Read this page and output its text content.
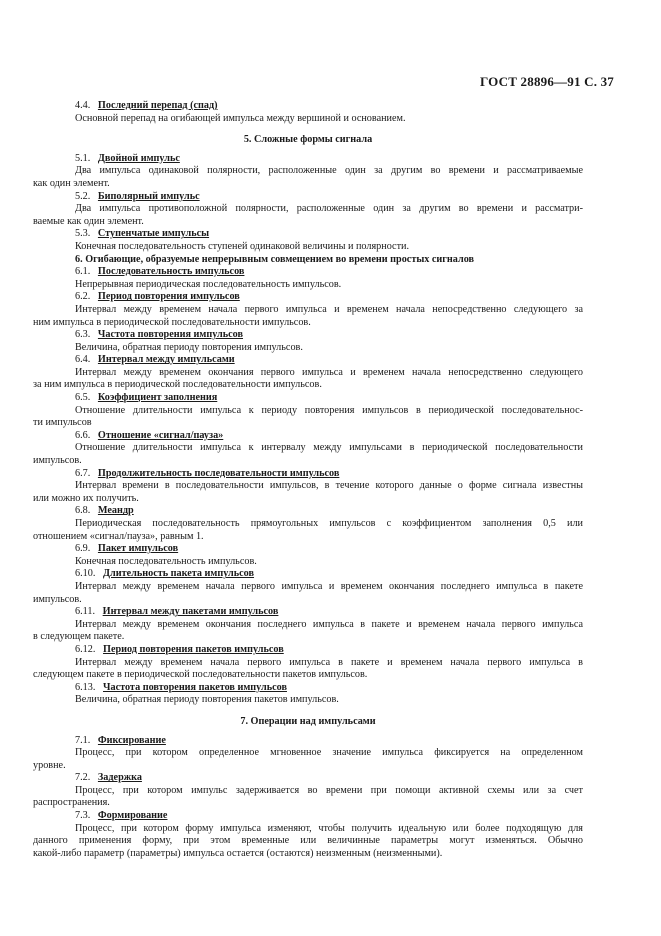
ГОСТ 28896—91 С. 37
4.4.   Последний перепад (спад)
Основной перепад на огибающей импульса между вершиной и основанием.
5. Сложные формы сигнала
5.1.   Двойной импульс
Два импульса одинаковой полярности, расположенные один за другим во времени и рассматриваемые
как один элемент.
5.2.   Биполярный импульс
Два импульса противоположной полярности, расположенные один за другим во времени и рассматри-
ваемые как один элемент.
5.3.   Ступенчатые импульсы
Конечная последовательность ступеней одинаковой величины и полярности.
6. Огибающие, образуемые непрерывным совмещением во времени простых сигналов
6.1.   Последовательность импульсов
Непрерывная периодическая последовательность импульсов.
6.2.   Период повторения импульсов
Интервал между временем начала первого импульса и временем начала непосредственно следующего за
ним импульса в периодической последовательности импульсов.
6.3.   Частота повторения импульсов
Величина, обратная периоду повторения импульсов.
6.4.   Интервал между импульсами
Интервал между временем окончания первого импульса и временем начала непосредственно следующего
за ним импульса в периодической последовательности импульсов.
6.5.   Коэффициент заполнения
Отношение длительности импульса к периоду повторения импульсов в периодической последовательнос-
ти импульсов
6.6.   Отношение «сигнал/пауза»
Отношение длительности импульса к интервалу между импульсами в периодической последовательности
импульсов.
6.7.   Продолжительность последовательности импульсов
Интервал времени в последовательности импульсов, в течение которого данные о форме сигнала известны
или можно их получить.
6.8.   Меандр
Периодическая последовательность прямоугольных импульсов с коэффициентом заполнения 0,5 или
отношением «сигнал/пауза», равным 1.
6.9.   Пакет импульсов
Конечная последовательность импульсов.
6.10.   Длительность пакета импульсов
Интервал между временем начала первого импульса и временем окончания последнего импульса в пакете
импульсов.
6.11.   Интервал между пакетами импульсов
Интервал между временем окончания последнего импульса в пакете и временем начала первого импульса
в следующем пакете.
6.12.   Период повторения пакетов импульсов
Интервал между временем начала первого импульса в пакете и временем начала первого импульса в
следующем пакете в периодической последовательности пакетов импульсов.
6.13.   Частота повторения пакетов импульсов
Величина, обратная периоду повторения пакетов импульсов.
7. Операции над импульсами
7.1.   Фиксирование
Процесс, при котором определенное мгновенное значение импульса фиксируется на определенном
уровне.
7.2.   Задержка
Процесс, при котором импульс задерживается во времени при помощи активной схемы или за счет
распространения.
7.3.   Формирование
Процесс, при котором форму импульса изменяют, чтобы получить идеальную или более подходящую для
данного применения форму, при этом временные или величинные параметры могут изменяться. Обычно
какой-либо параметр (параметры) импульса остается (остаются) неизменным (неизменными).
